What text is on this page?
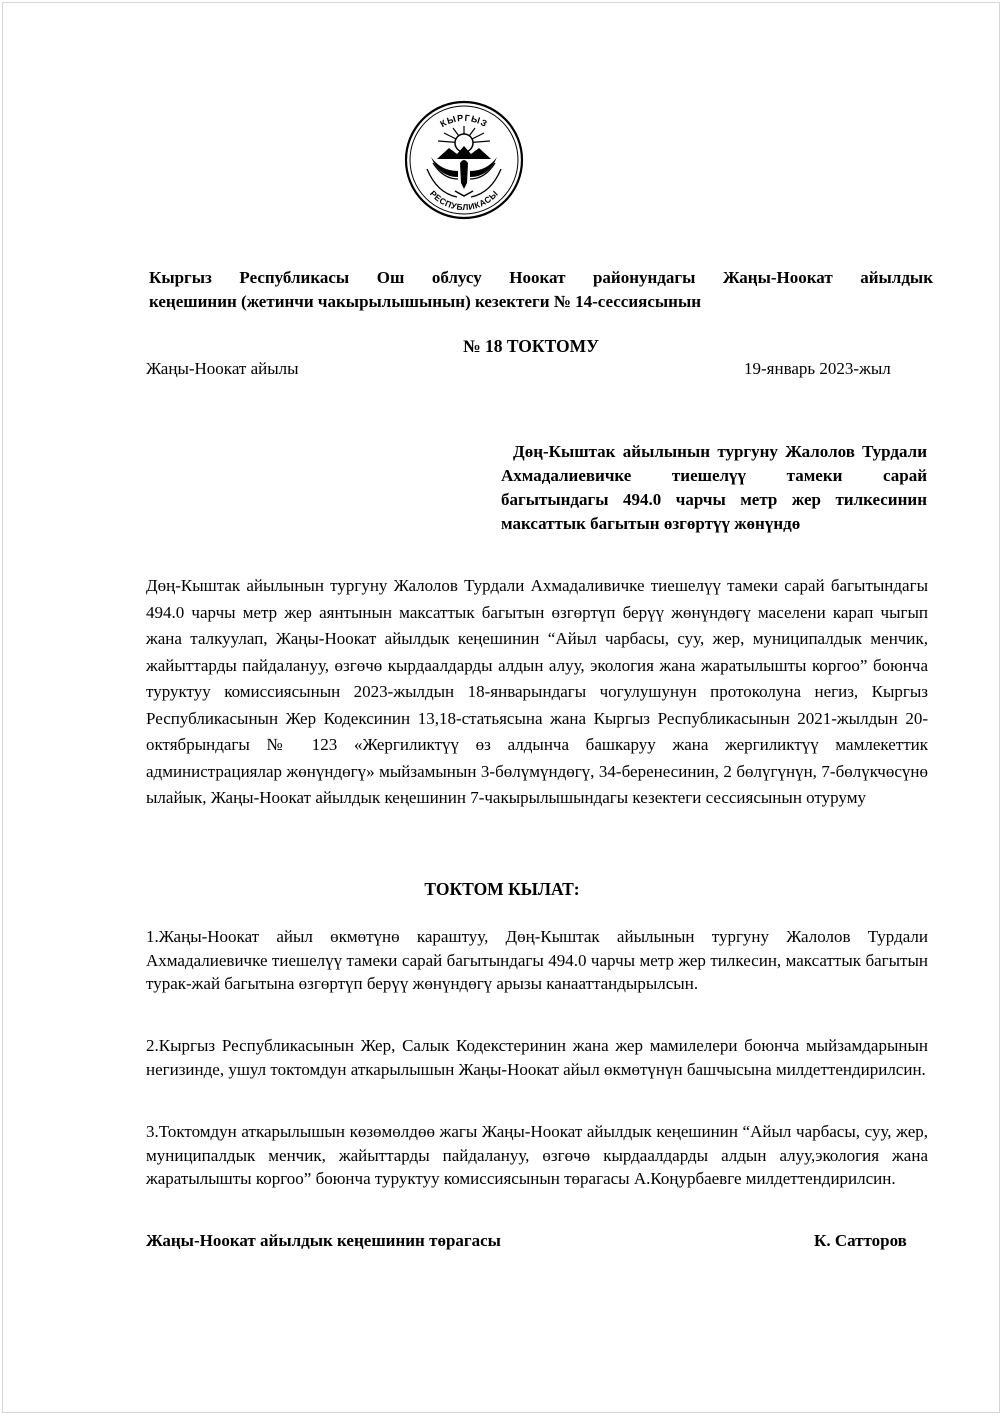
КЫРГЫЗ
РЕСПУБЛИКАСЫ
Кыргыз Республикасы Ош облусу Ноокат районундагы Жаңы-Ноокат айылдык
кеңешинин (жетинчи чакырылышынын) кезектеги № 14-сессиясынын
№ 18 ТОКТОМУ
Жаңы-Ноокат айылы	19-январь 2023-жыл
Дөң-Кыштак айылынын тургуну Жалолов Турдали Ахмадалиевичке тиешелүү тамеки сарай багытындагы 494.0 чарчы метр жер тилкесинин максаттык багытын өзгөртүү жөнүндө
Дөң-Кыштак айылынын тургуну Жалолов Турдали Ахмадаливичке тиешелүү тамеки сарай багытындагы 494.0 чарчы метр жер аянтынын максаттык багытын өзгөртүп берүү жөнүндөгү маселени карап чыгып жана талкуулап, Жаңы-Ноокат айылдык кеңешинин “Айыл чарбасы, суу, жер, муниципалдык менчик, жайыттарды пайдалануу, өзгөчө кырдаалдарды алдын алуу, экология жана жаратылышты коргоо” боюнча туруктуу комиссиясынын 2023-жылдын 18-январындагы чогулушунун протоколуна негиз, Кыргыз Республикасынын Жер Кодексинин 13,18-статьясына жана Кыргыз Республикасынын 2021-жылдын 20-октябрындагы № 123 «Жергиликтүү өз алдынча башкаруу жана жергиликтүү мамлекеттик администрациялар жөнүндөгү» мыйзамынын 3-бөлүмүндөгү, 34-беренесинин, 2 бөлүгүнүн, 7-бөлүкчөсүнө ылайык, Жаңы-Ноокат айылдык кеңешинин 7-чакырылышындагы кезектеги сессиясынын отуруму
ТОКТОМ КЫЛАТ:
1.Жаңы-Ноокат айыл өкмөтүнө караштуу, Дөң-Кыштак айылынын тургуну Жалолов Турдали Ахмадалиевичке тиешелүү тамеки сарай багытындагы 494.0 чарчы метр жер тилкесин, максаттык багытын турак-жай багытына өзгөртүп берүү жөнүндөгү арызы канааттандырылсын.
2.Кыргыз Республикасынын Жер, Салык Кодекстеринин жана жер мамилелери боюнча мыйзамдарынын негизинде, ушул токтомдун аткарылышын Жаңы-Ноокат айыл өкмөтүнүн башчысына милдеттендирилсин.
3.Токтомдун аткарылышын көзөмөлдөө жагы Жаңы-Ноокат айылдык кеңешинин “Айыл чарбасы, суу, жер, муниципалдык менчик, жайыттарды пайдалануу, өзгөчө кырдаалдарды алдын алуу,экология жана жаратылышты коргоо” боюнча туруктуу комиссиясынын төрагасы А.Коңурбаевге милдеттендирилсин.
Жаңы-Ноокат айылдык кеңешинин төрагасы	К. Сатторов
